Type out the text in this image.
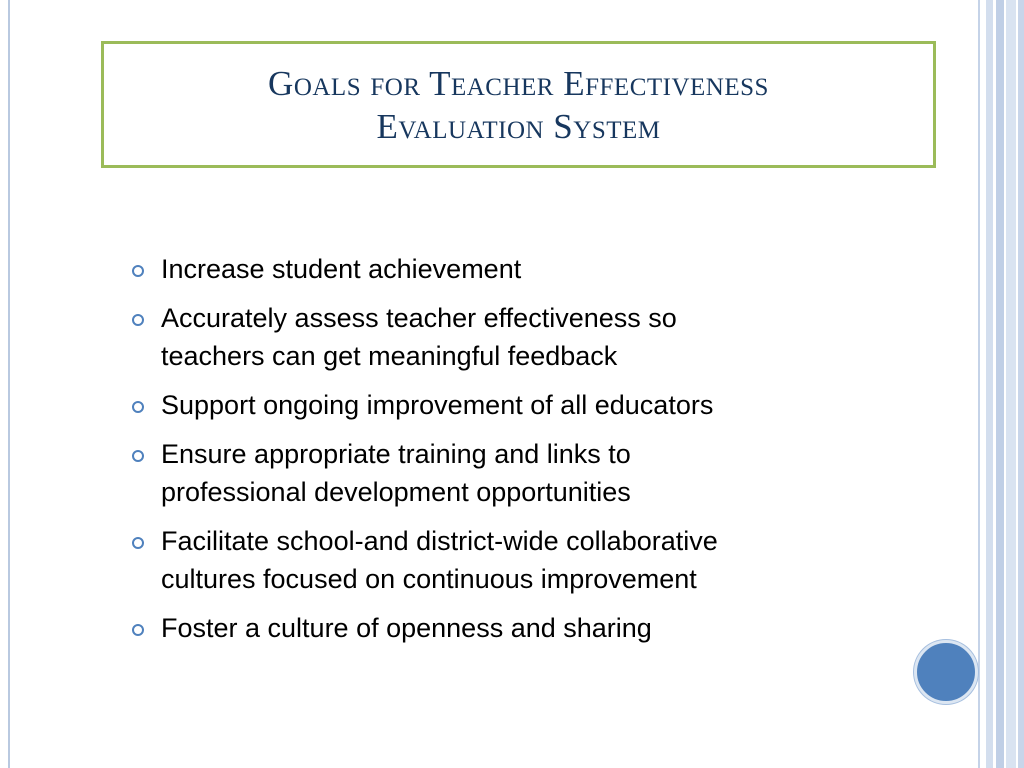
Goals for Teacher Effectiveness
Evaluation System
Increase student achievement
Accurately assess teacher effectiveness so
teachers can get meaningful feedback
Support ongoing improvement of all educators
Ensure appropriate training and links to
professional development opportunities
Facilitate school-and district-wide collaborative
cultures focused on continuous improvement
Foster a culture of openness and sharing
